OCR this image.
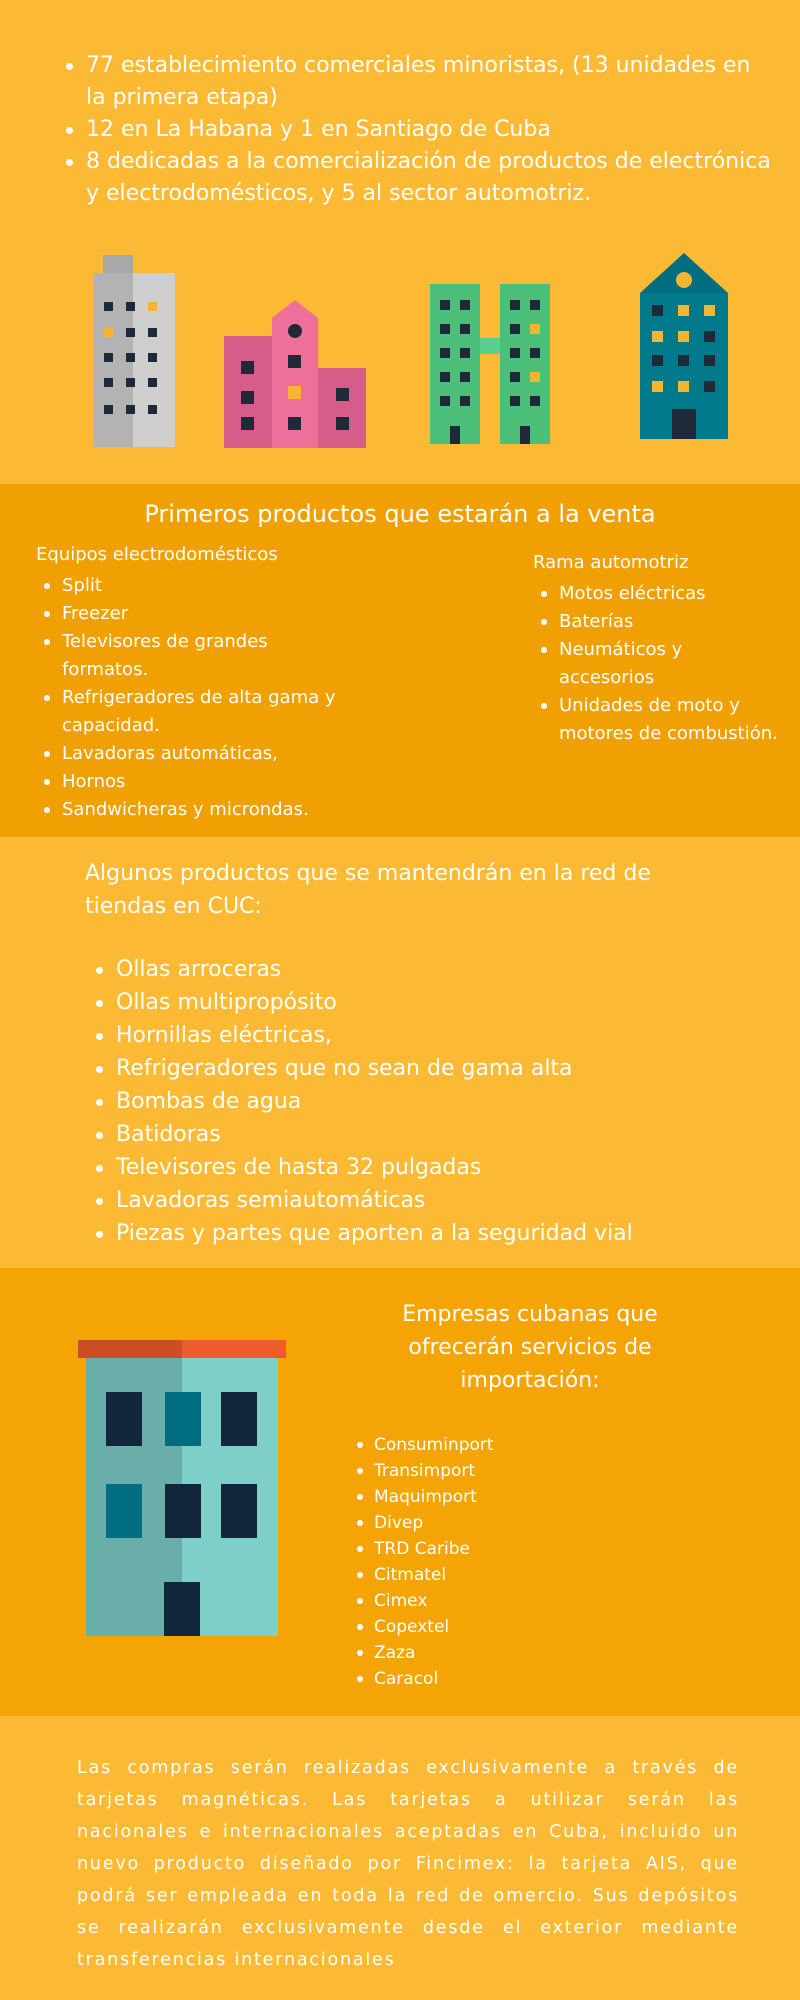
77 establecimiento comerciales minoristas, (13 unidades en la primera etapa)
12 en La Habana y 1 en Santiago de Cuba
8 dedicadas a la comercialización de productos de electrónica y electrodomésticos, y 5 al sector automotriz.
Primeros productos que estarán a la venta
Equipos electrodomésticos
Split
Freezer
Televisores de grandes formatos.
Refrigeradores de alta gama y capacidad.
Lavadoras automáticas,
Hornos
Sandwicheras y microndas.
Rama automotriz
Motos eléctricas
Baterías
Neumáticos y accesorios
Unidades de moto y motores de combustión.
Algunos productos que se mantendrán en la red de tiendas en CUC:
Ollas arroceras
Ollas multipropósito
Hornillas eléctricas,
Refrigeradores que no sean de gama alta
Bombas de agua
Batidoras
Televisores de hasta 32 pulgadas
Lavadoras semiautomáticas
Piezas y partes que aporten a la seguridad vial
Empresas cubanas que ofrecerán servicios de importación:
Consuminport
Transimport
Maquimport
Divep
TRD Caribe
Citmatel
Cimex
Copextel
Zaza
Caracol
Las compras serán realizadas exclusivamente a través de tarjetas magnéticas. Las tarjetas a utilizar serán las nacionales e internacionales aceptadas en Cuba, incluido un nuevo producto diseñado por Fincimex: la tarjeta AIS, que podrá ser empleada en toda la red de omercio. Sus depósitos se realizarán exclusivamente desde el exterior mediante transferencias internacionales
